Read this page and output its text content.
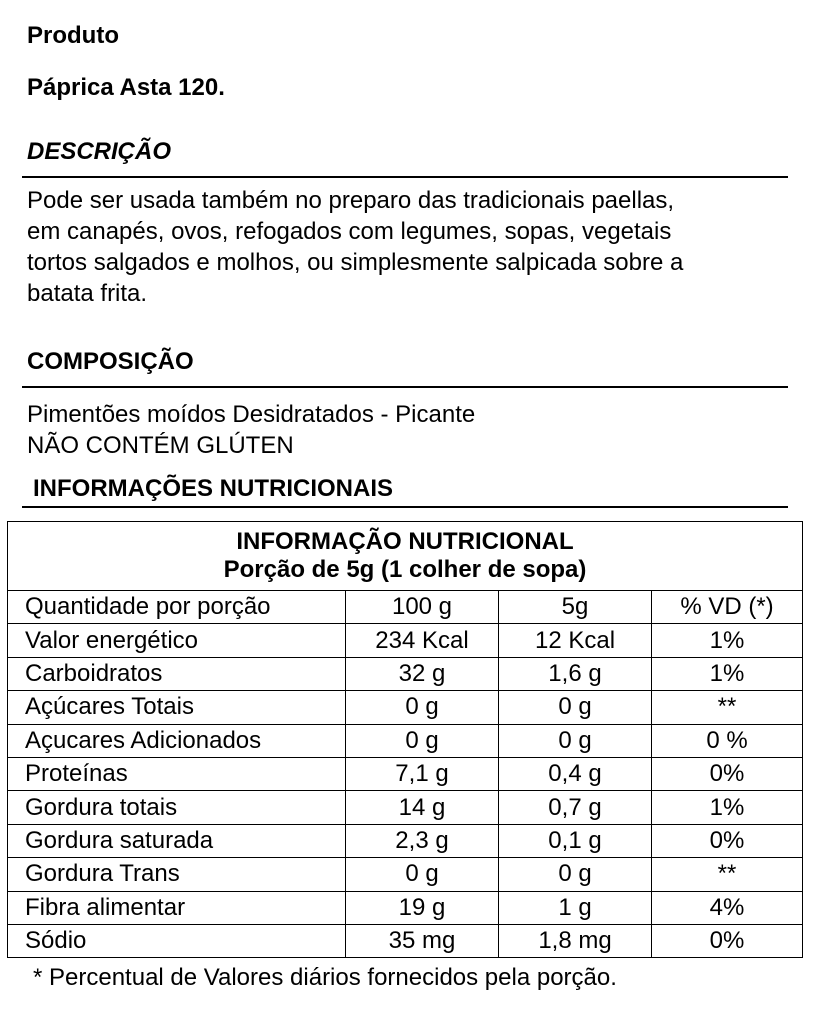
Produto
Páprica Asta 120.
DESCRIÇÃO
Pode ser usada também no preparo das tradicionais paellas,
em canapés, ovos, refogados com legumes, sopas, vegetais
tortos salgados e molhos, ou simplesmente salpicada sobre a
batata frita.
COMPOSIÇÃO
Pimentões moídos Desidratados - Picante
NÃO CONTÉM GLÚTEN
INFORMAÇÕES NUTRICIONAIS
INFORMAÇÃO NUTRICIONAL
Porção de 5g (1 colher de sopa)			

Quantidade por porção	100 g	5g	% VD (*)
Valor energético	234 Kcal	12 Kcal	1%
Carboidratos	32 g	1,6 g	1%
Açúcares Totais	0 g	0 g	**
Açucares Adicionados	0 g	0 g	0 %
Proteínas	7,1 g	0,4 g	0%
Gordura totais	14 g	0,7 g	1%
Gordura saturada	2,3 g	0,1 g	0%
Gordura Trans	0 g	0 g	**
Fibra alimentar	19 g	1 g	4%
Sódio	35 mg	1,8 mg	0%
* Percentual de Valores diários fornecidos pela porção.
